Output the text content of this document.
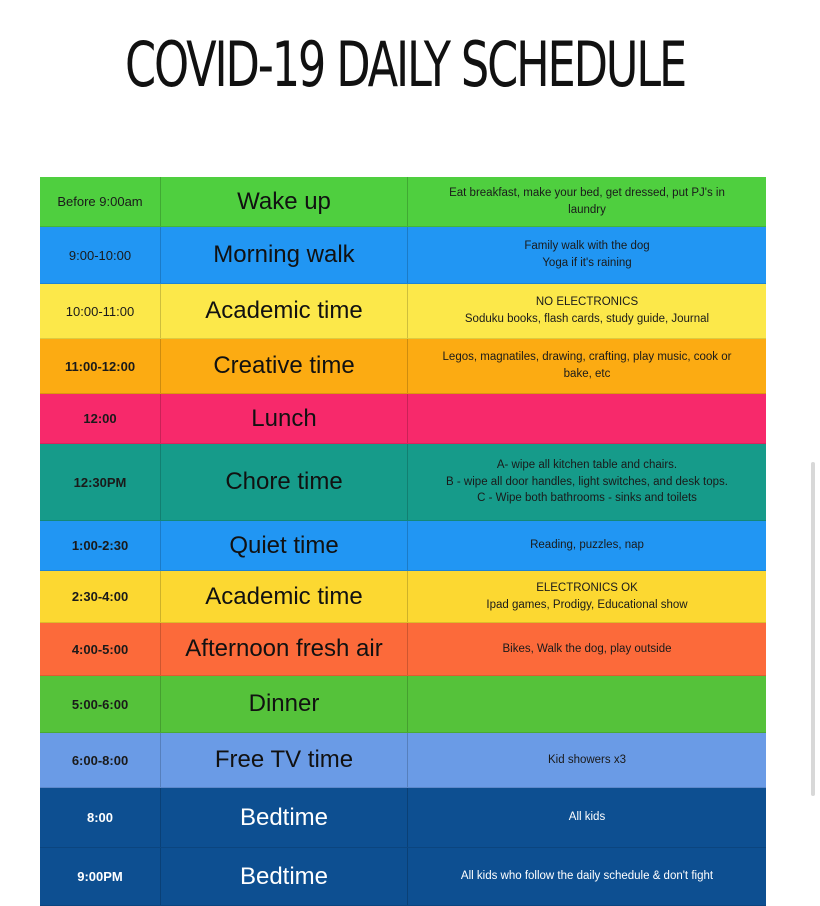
COVID-19 DAILY SCHEDULE
Before 9:00am	Wake up	Eat breakfast, make your bed, get dressed, put PJ's in
laundry
9:00-10:00	Morning walk	Family walk with the dog
Yoga if it's raining
10:00-11:00	Academic time	NO ELECTRONICS
Soduku books, flash cards, study guide, Journal
11:00-12:00	Creative time	Legos, magnatiles, drawing, crafting, play music, cook or
bake, etc
12:00	Lunch
12:30PM	Chore time
A- wipe all kitchen table and chairs.
B - wipe all door handles, light switches, and desk tops.
C - Wipe both bathrooms - sinks and toilets
1:00-2:30	Quiet time	Reading, puzzles, nap
2:30-4:00	Academic time	ELECTRONICS OK
Ipad games, Prodigy, Educational show
4:00-5:00	Afternoon fresh air	Bikes, Walk the dog, play outside
5:00-6:00	Dinner
6:00-8:00	Free TV time	Kid showers x3
8:00	Bedtime	All kids
9:00PM	Bedtime	All kids who follow the daily schedule & don't fight
